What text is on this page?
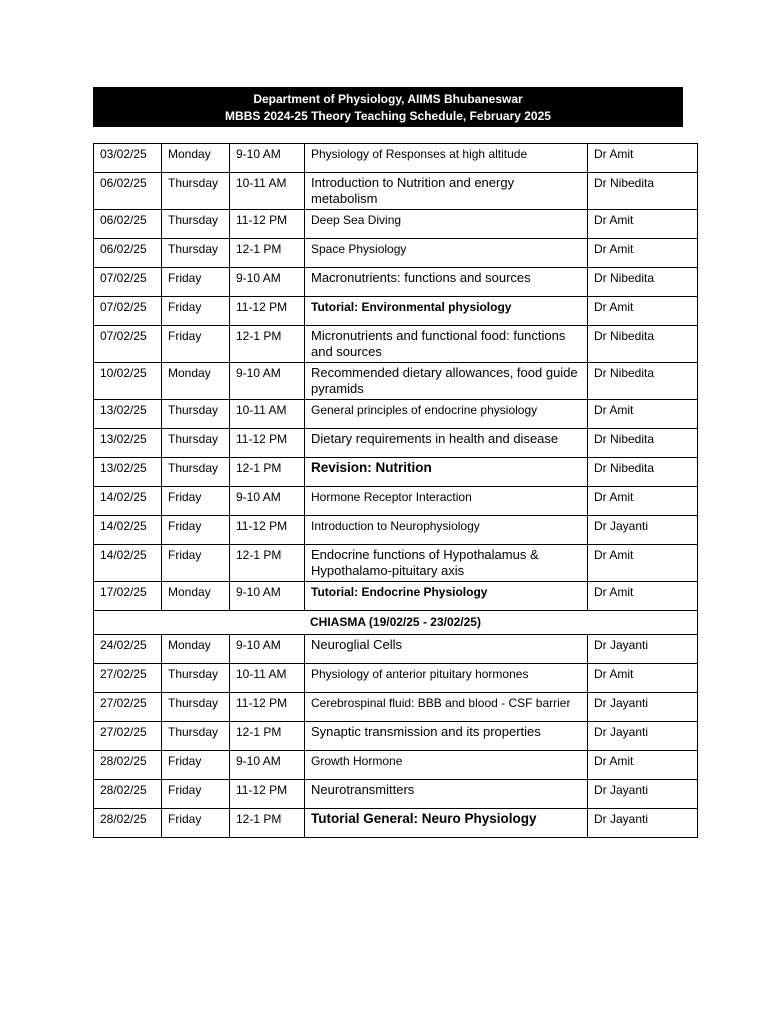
Department of Physiology, AIIMS Bhubaneswar
MBBS 2024-25 Theory Teaching Schedule, February 2025
03/02/25	Monday	9-10 AM	Physiology of Responses at high altitude	Dr Amit
06/02/25	Thursday	10-11 AM	Introduction to Nutrition and energy metabolism	Dr Nibedita
06/02/25	Thursday	11-12 PM	Deep Sea Diving	Dr Amit
06/02/25	Thursday	12-1 PM	Space Physiology	Dr Amit
07/02/25	Friday	9-10 AM	Macronutrients: functions and sources	Dr Nibedita
07/02/25	Friday	11-12 PM	Tutorial: Environmental physiology	Dr Amit
07/02/25	Friday	12-1 PM	Micronutrients and functional food: functions and sources	Dr Nibedita
10/02/25	Monday	9-10 AM	Recommended dietary allowances, food guide pyramids	Dr Nibedita
13/02/25	Thursday	10-11 AM	General principles of endocrine physiology	Dr Amit
13/02/25	Thursday	11-12 PM	Dietary requirements in health and disease	Dr Nibedita
13/02/25	Thursday	12-1 PM	Revision: Nutrition	Dr Nibedita
14/02/25	Friday	9-10 AM	Hormone Receptor Interaction	Dr Amit
14/02/25	Friday	11-12 PM	Introduction to Neurophysiology	Dr Jayanti
14/02/25	Friday	12-1 PM	Endocrine functions of Hypothalamus & Hypothalamo-pituitary axis	Dr Amit
17/02/25	Monday	9-10 AM	Tutorial: Endocrine Physiology	Dr Amit
CHIASMA (19/02/25 - 23/02/25)				
24/02/25	Monday	9-10 AM	Neuroglial Cells	Dr Jayanti
27/02/25	Thursday	10-11 AM	Physiology of anterior pituitary hormones	Dr Amit
27/02/25	Thursday	11-12 PM	Cerebrospinal fluid: BBB and blood - CSF barrier	Dr Jayanti
27/02/25	Thursday	12-1 PM	Synaptic transmission and its properties	Dr Jayanti
28/02/25	Friday	9-10 AM	Growth Hormone	Dr Amit
28/02/25	Friday	11-12 PM	Neurotransmitters	Dr Jayanti
28/02/25	Friday	12-1 PM	Tutorial General: Neuro Physiology	Dr Jayanti
